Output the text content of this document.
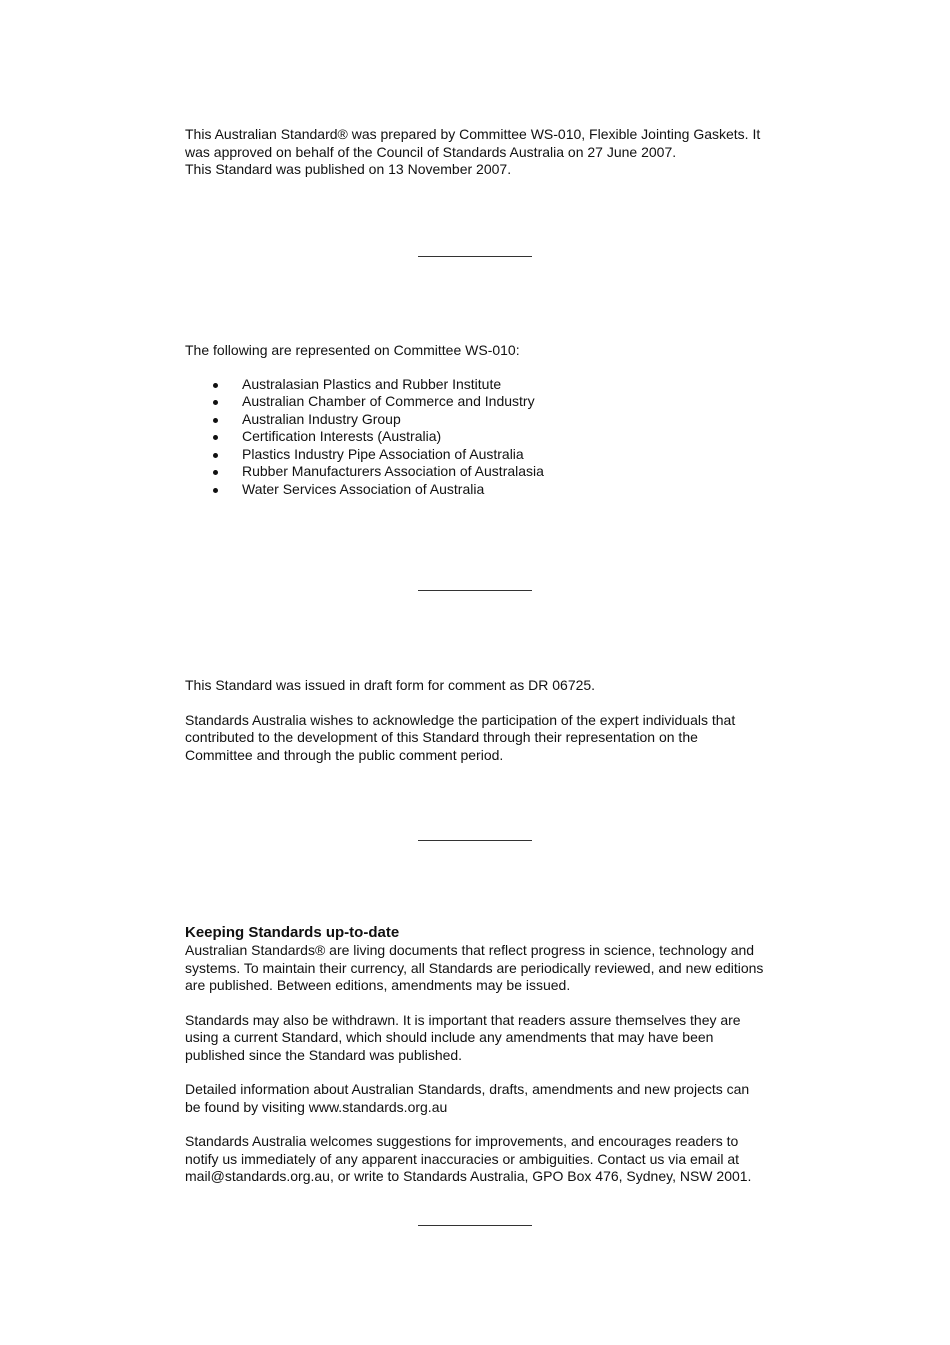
This Australian Standard® was prepared by Committee WS-010, Flexible Jointing Gaskets. It
was approved on behalf of the Council of Standards Australia on 27 June 2007.
This Standard was published on 13 November 2007.

The following are represented on Committee WS-010:

Australasian Plastics and Rubber Institute
Australian Chamber of Commerce and Industry
Australian Industry Group
Certification Interests (Australia)
Plastics Industry Pipe Association of Australia
Rubber Manufacturers Association of Australasia
Water Services Association of Australia

This Standard was issued in draft form for comment as DR 06725.

Standards Australia wishes to acknowledge the participation of the expert individuals that
contributed to the development of this Standard through their representation on the
Committee and through the public comment period.

Keeping Standards up-to-date

Australian Standards® are living documents that reflect progress in science, technology and
systems. To maintain their currency, all Standards are periodically reviewed, and new editions
are published. Between editions, amendments may be issued.

Standards may also be withdrawn. It is important that readers assure themselves they are
using a current Standard, which should include any amendments that may have been
published since the Standard was published.

Detailed information about Australian Standards, drafts, amendments and new projects can
be found by visiting www.standards.org.au

Standards Australia welcomes suggestions for improvements, and encourages readers to
notify us immediately of any apparent inaccuracies or ambiguities. Contact us via email at
mail@standards.org.au, or write to Standards Australia, GPO Box 476, Sydney, NSW 2001.
